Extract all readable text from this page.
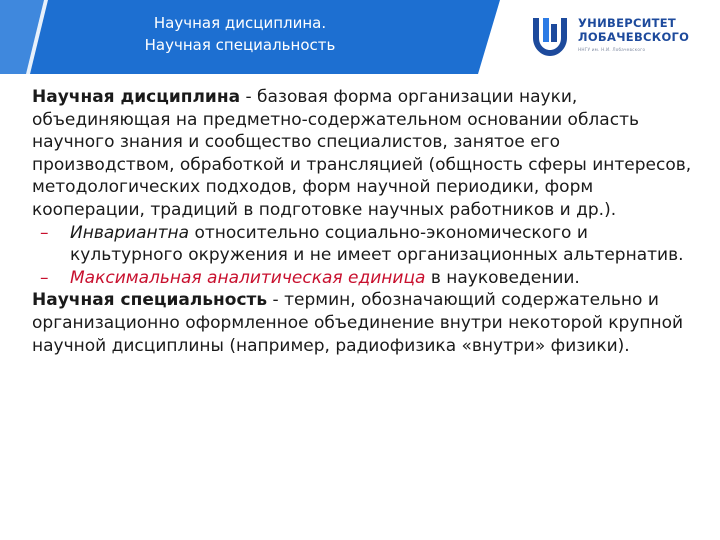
Научная дисциплина.
Научная специальность
УНИВЕРСИТЕТ
ЛОБАЧЕВСКОГО
ННГУ им. Н.И. Лобачевского

Научная дисциплина - базовая форма организации науки, объединяющая на предметно-содержательном основании область научного знания и сообщество специалистов, занятое его производством, обработкой и трансляцией (общность сферы интересов, методологических подходов, форм научной периодики, форм кооперации, традиций в подготовке научных работников и др.).

– Инвариантна относительно социально-экономического и культурного окружения и не имеет организационных альтернатив.

– Максимальная аналитическая единица в науковедении.

Научная специальность - термин, обозначающий содержательно и организационно оформленное объединение внутри некоторой крупной научной дисциплины (например, радиофизика «внутри» физики).
